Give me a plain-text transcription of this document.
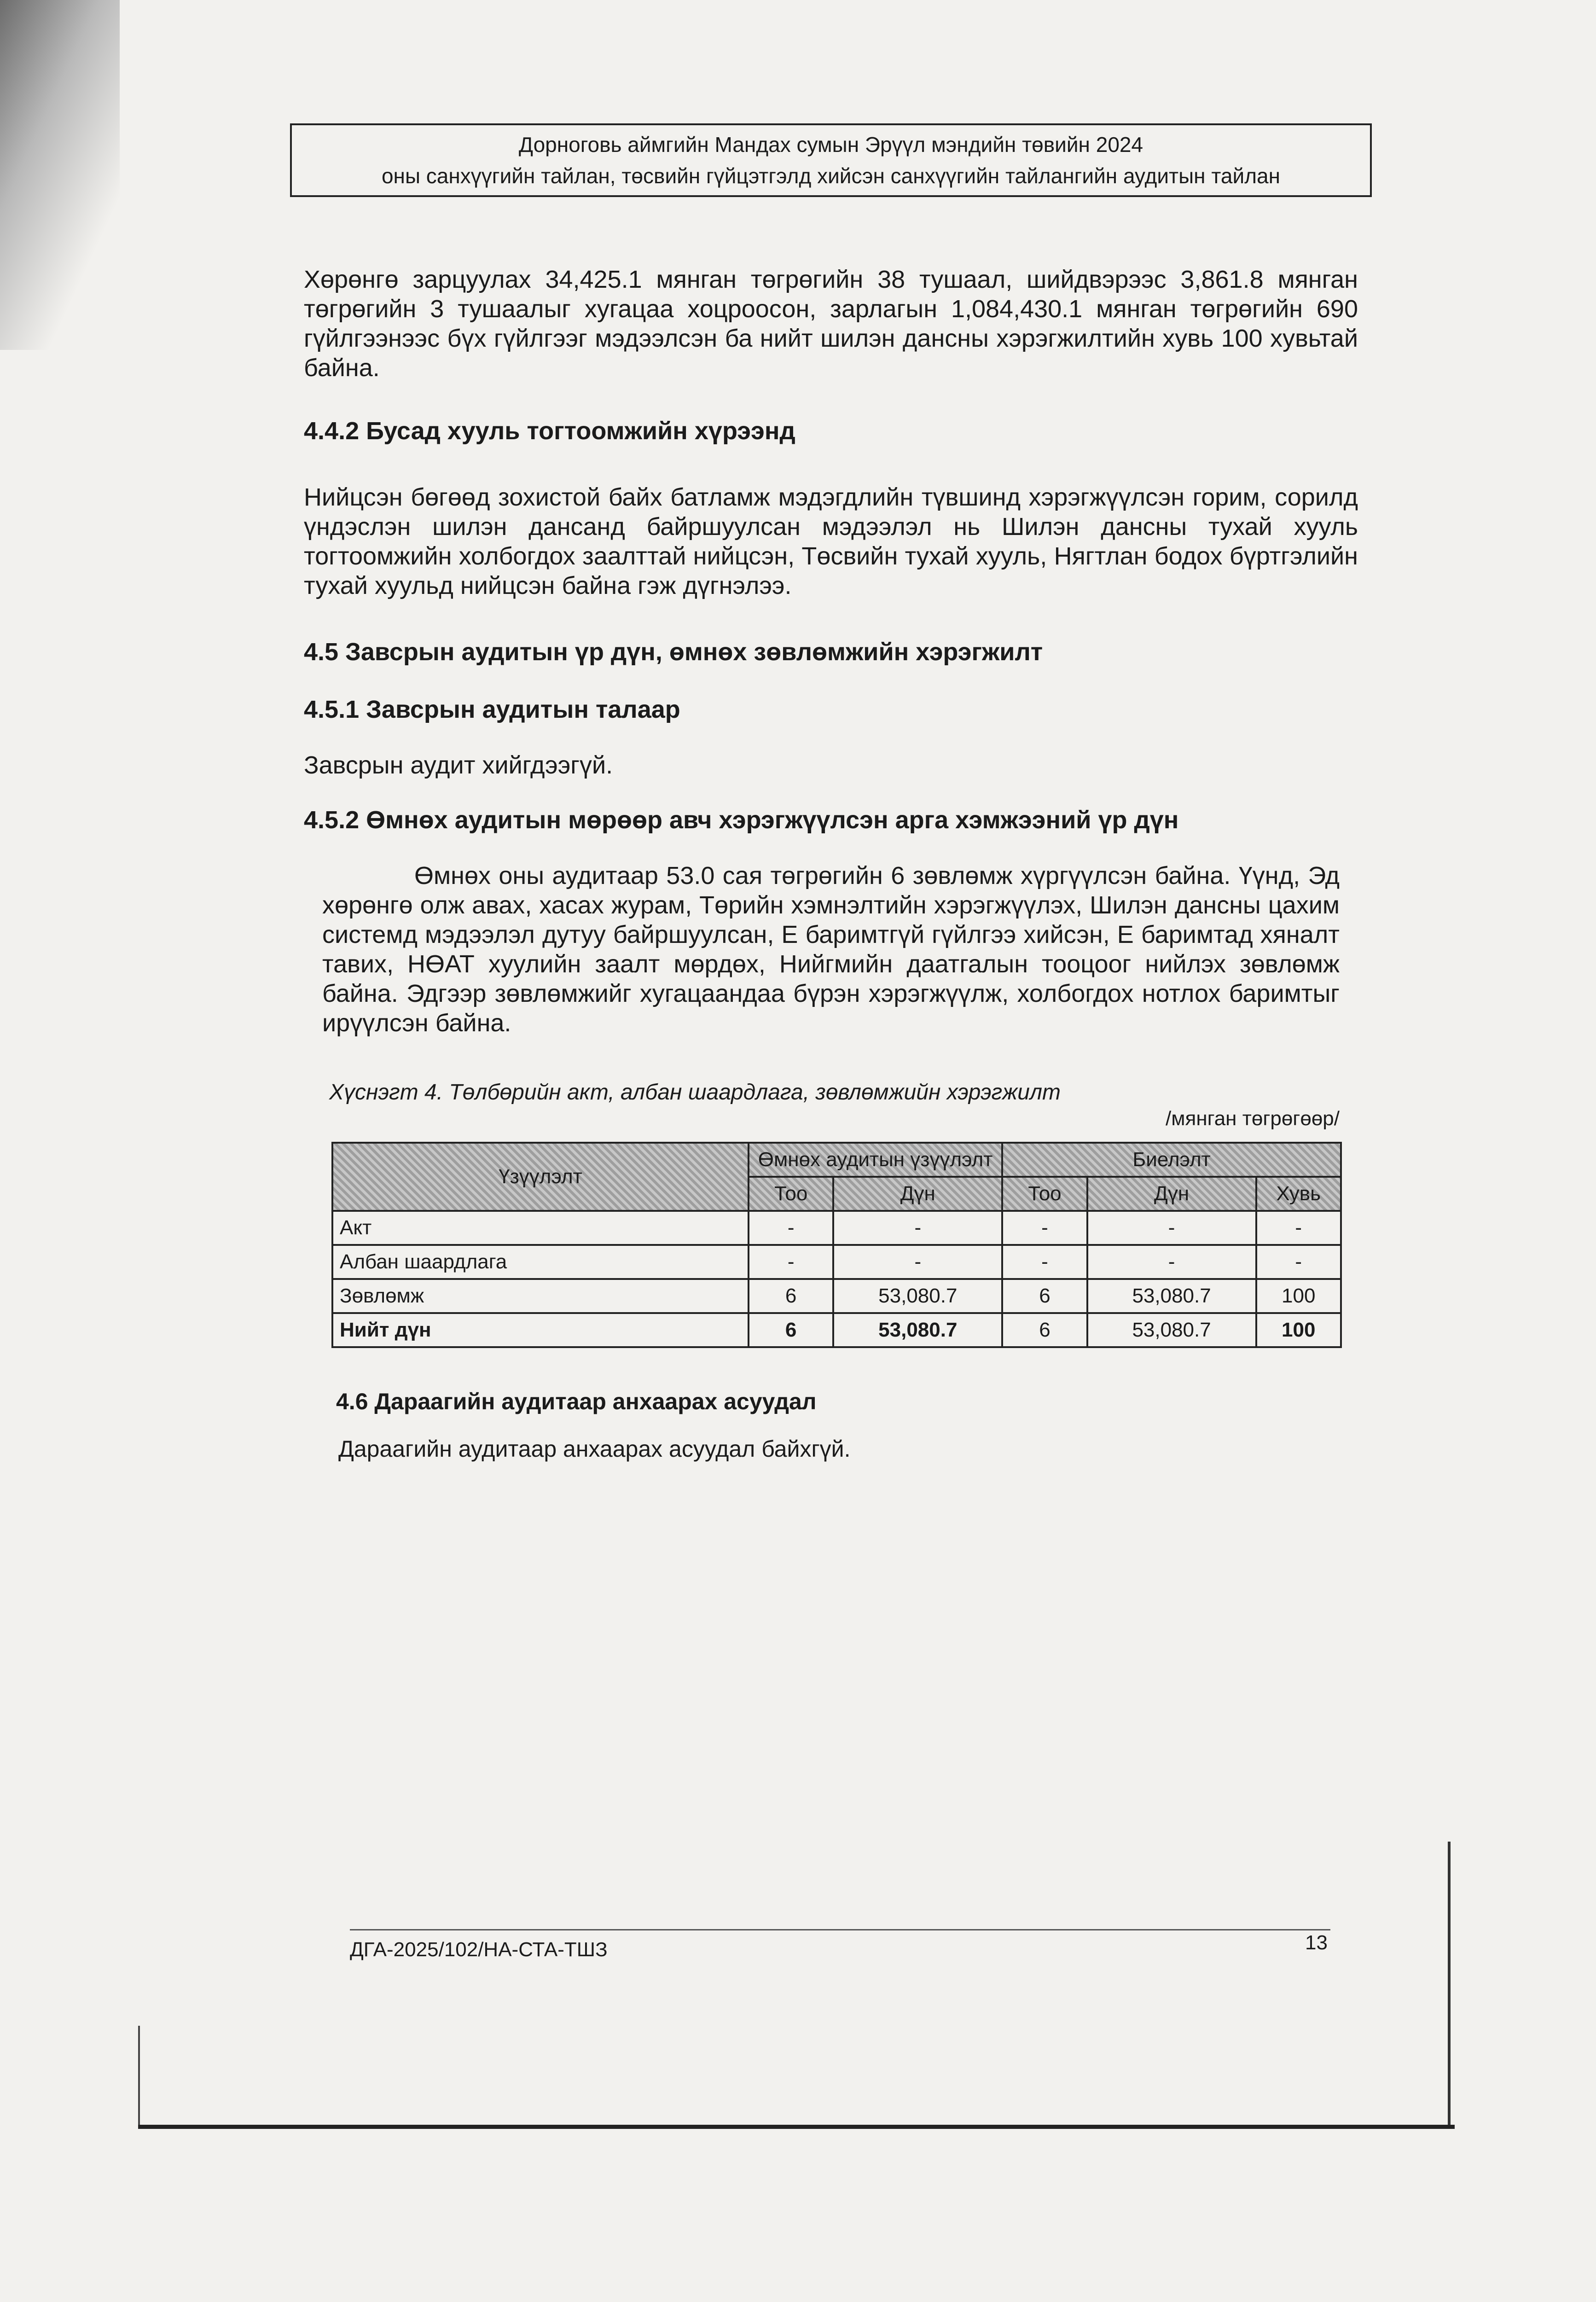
Дорноговь аймгийн Мандах сумын Эрүүл мэндийн төвийн 2024
оны санхүүгийн тайлан, төсвийн гүйцэтгэлд хийсэн санхүүгийн тайлангийн аудитын тайлан
Хөрөнгө зарцуулах 34,425.1 мянган төгрөгийн 38 тушаал, шийдвэрээс 3,861.8 мянган төгрөгийн 3 тушаалыг хугацаа хоцроосон, зарлагын 1,084,430.1 мянган төгрөгийн 690 гүйлгээнээс бүх гүйлгээг мэдээлсэн ба нийт шилэн дансны хэрэгжилтийн хувь 100 хувьтай байна.
4.4.2 Бусад хууль тогтоомжийн хүрээнд
Нийцсэн бөгөөд зохистой байх батламж мэдэгдлийн түвшинд хэрэгжүүлсэн горим, сорилд үндэслэн шилэн дансанд байршуулсан мэдээлэл нь Шилэн дансны тухай хууль тогтоомжийн холбогдох заалттай нийцсэн, Төсвийн тухай хууль, Нягтлан бодох бүртгэлийн тухай хуульд нийцсэн байна гэж дүгнэлээ.
4.5 Завсрын аудитын үр дүн, өмнөх зөвлөмжийн хэрэгжилт
4.5.1 Завсрын аудитын талаар
Завсрын аудит хийгдээгүй.
4.5.2 Өмнөх аудитын мөрөөр авч хэрэгжүүлсэн арга хэмжээний үр дүн
Өмнөх оны аудитаар 53.0 сая төгрөгийн 6 зөвлөмж хүргүүлсэн байна. Үүнд, Эд хөрөнгө олж авах, хасах журам, Төрийн хэмнэлтийн хэрэгжүүлэх, Шилэн дансны цахим системд мэдээлэл дутуу байршуулсан, Е баримтгүй гүйлгээ хийсэн, Е баримтад хяналт тавих, НӨАТ хуулийн заалт мөрдөх, Нийгмийн даатгалын тооцоог нийлэх зөвлөмж байна. Эдгээр зөвлөмжийг хугацаандаа бүрэн хэрэгжүүлж, холбогдох нотлох баримтыг ирүүлсэн байна.
Хүснэгт 4. Төлбөрийн акт, албан шаардлага, зөвлөмжийн хэрэгжилт
/мянган төгрөгөөр/
Үзүүлэлт	Өмнөх аудитын үзүүлэлт		Биелэлт		
	Тоо	Дүн	Тоо	Дүн	Хувь
Акт	-	-	-	-	-
Албан шаардлага	-	-	-	-	-
Зөвлөмж	6	53,080.7	6	53,080.7	100
Нийт дүн	6	53,080.7	6	53,080.7	100
4.6 Дараагийн аудитаар анхаарах асуудал
Дараагийн аудитаар анхаарах асуудал байхгүй.
ДГА-2025/102/НА-СТА-ТШЗ	13
